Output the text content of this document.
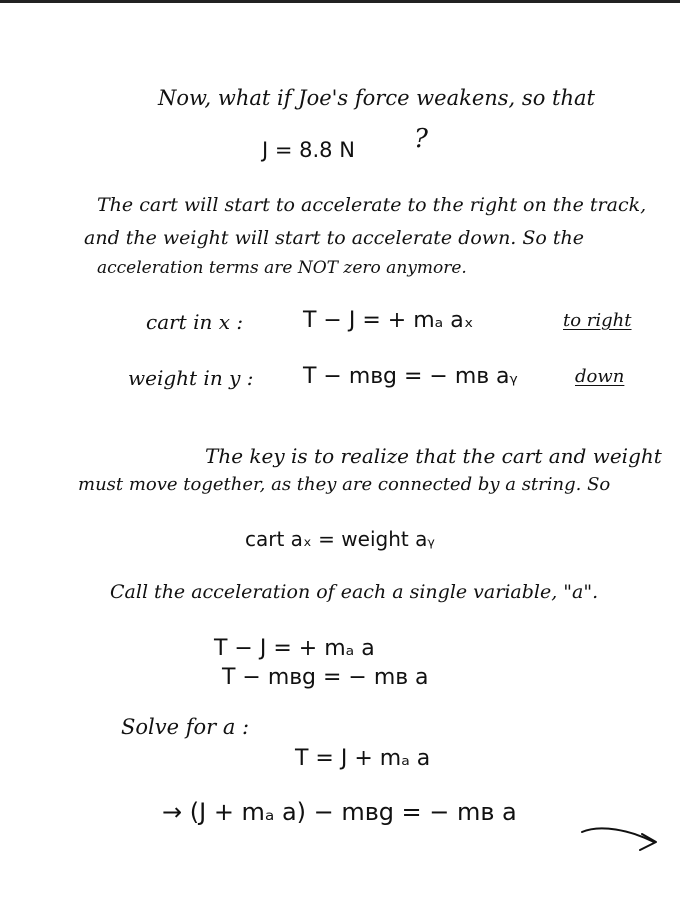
Now, what if Joe's force weakens, so that
J = 8.8 N ?
The cart will start to accelerate to the right on the track,
and the weight will start to accelerate down. So the
acceleration terms are NOT zero anymore.
cart in x :	T − J = + mₐ aₓ	to right
weight in y : T − mʙg = − mʙ aᵧ	down
The key is to realize that the cart and weight
must move together, as they are connected by a string. So
cart aₓ = weight aᵧ
Call the acceleration of each a single variable, "a".
T − J = + mₐ a
T − mʙg = − mʙ a
Solve for a :
T = J + mₐ a
→ (J + mₐ a) − mʙg = − mʙ a
